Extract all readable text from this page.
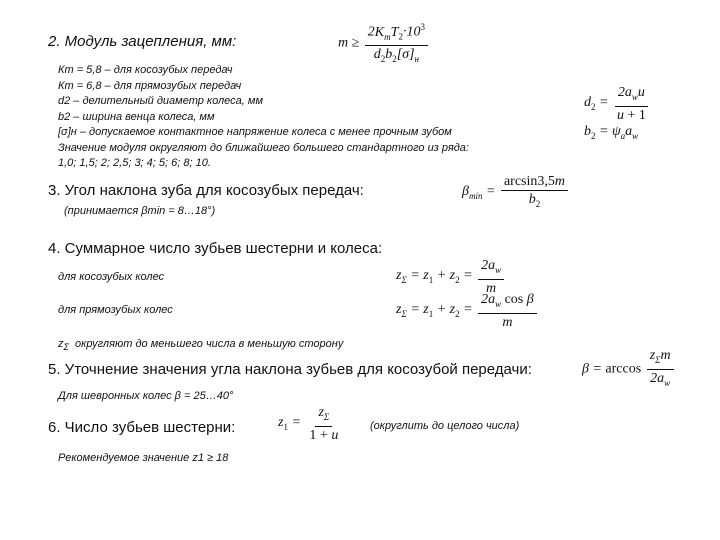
2. Модуль зацепления, мм:	$m \ge \frac{2K_mT_2\cdot 10^3}{d_2b_2[\sigma]_н}$
Кm = 5,8 – для косозубых передач
Кm = 6,8 – для прямозубых передач
d2 – делительный диаметр колеса, мм
b2 – ширина венца колеса, мм
[σ]н – допускаемое контактное напряжение колеса с менее прочным зубом
Значение модуля округляют до ближайшего большего стандартного из ряда:
1,0; 1,5; 2; 2,5; 3; 4; 5; 6; 8; 10.
$d_2 = \frac{2a_wu}{u + 1}$
$b_2 = \psi_aa_w$
3. Угол наклона зуба для косозубых передач:
(принимается βmin = 8…18°)
$\beta_{min} = \frac{\arcsin 3,5m}{b_2}$
4. Суммарное число зубьев шестерни и колеса:
для косозубых колес	$z_\Sigma = z_1 + z_2 = \frac{2a_w}{m}$
для прямозубых колес	$z_\Sigma = z_1 + z_2 = \frac{2a_w \cos \beta}{m}$
$z_\Sigma$ округляют до меньшего числа в меньшую сторону
5. Уточнение значения угла наклона зубьев для косозубой передачи:	$\beta = \arccos \frac{z_\Sigma m}{2a_w}$
Для шевронных колес β = 25…40°
6. Число зубьев шестерни:	$z_1 = \frac{z_\Sigma}{1 + u}$	(округлить до целого числа)
Рекомендуемое значение z1 ≥ 18
